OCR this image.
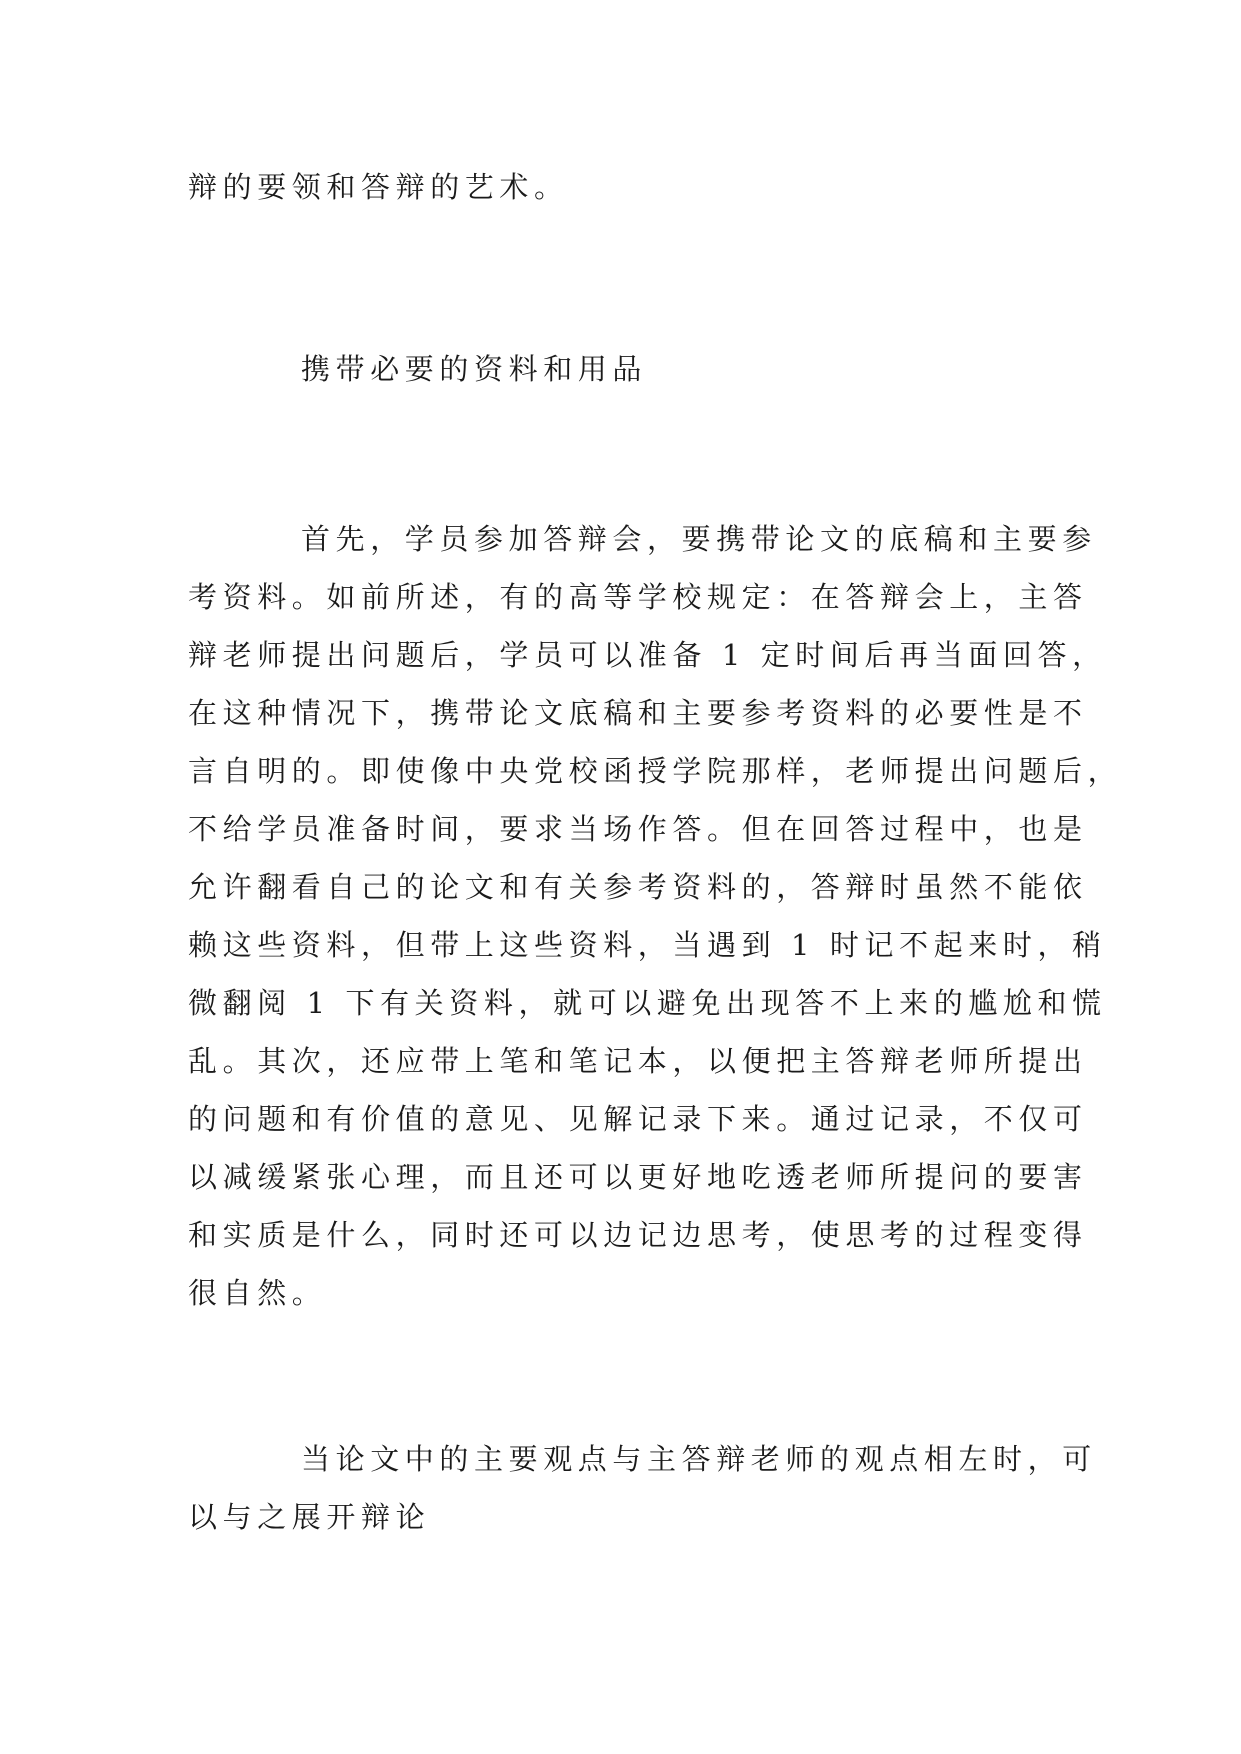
辩的要领和答辩的艺术。
携带必要的资料和用品
首先，学员参加答辩会，要携带论文的底稿和主要参
考资料。如前所述，有的高等学校规定：在答辩会上，主答
辩老师提出问题后，学员可以准备 1 定时间后再当面回答，
在这种情况下，携带论文底稿和主要参考资料的必要性是不
言自明的。即使像中央党校函授学院那样，老师提出问题后，
不给学员准备时间，要求当场作答。但在回答过程中，也是
允许翻看自己的论文和有关参考资料的，答辩时虽然不能依
赖这些资料，但带上这些资料，当遇到 1 时记不起来时，稍
微翻阅 1 下有关资料，就可以避免出现答不上来的尴尬和慌
乱。其次，还应带上笔和笔记本，以便把主答辩老师所提出
的问题和有价值的意见、见解记录下来。通过记录，不仅可
以减缓紧张心理，而且还可以更好地吃透老师所提问的要害
和实质是什么，同时还可以边记边思考，使思考的过程变得
很自然。
当论文中的主要观点与主答辩老师的观点相左时，可
以与之展开辩论
